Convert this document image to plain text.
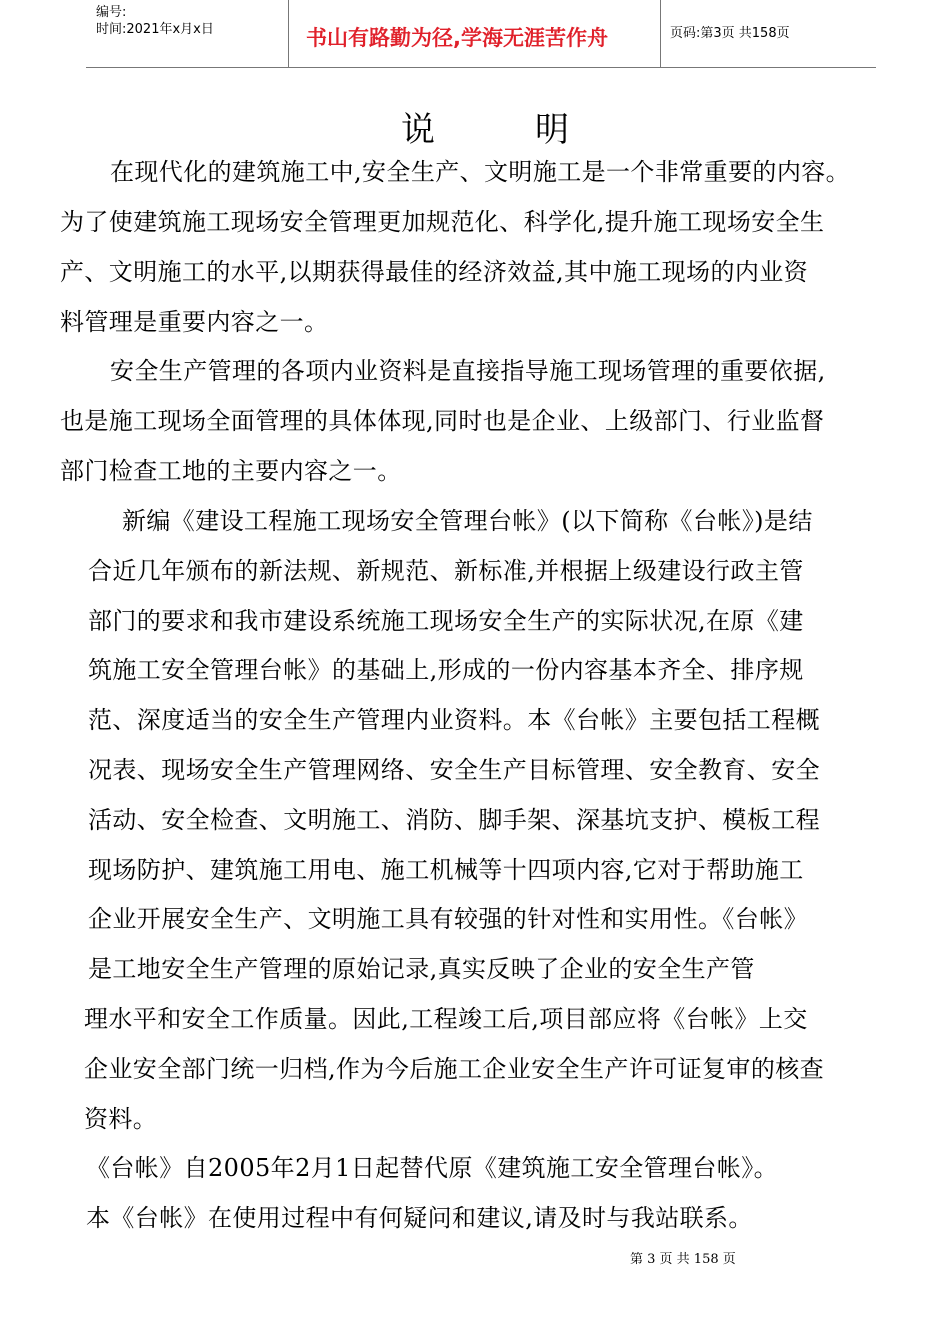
编号:
时间:2021年x月x日	书山有路勤为径,学海无涯苦作舟	页码:第3页 共158页
说明
在现代化的建筑施工中,安全生产、文明施工是一个非常重要的内容。
为了使建筑施工现场安全管理更加规范化、科学化,提升施工现场安全生
产、文明施工的水平,以期获得最佳的经济效益,其中施工现场的内业资
料管理是重要内容之一。
安全生产管理的各项内业资料是直接指导施工现场管理的重要依据,
也是施工现场全面管理的具体体现,同时也是企业、上级部门、行业监督
部门检查工地的主要内容之一。
新编《建设工程施工现场安全管理台帐》(以下简称《台帐》)是结
合近几年颁布的新法规、新规范、新标准,并根据上级建设行政主管
部门的要求和我市建设系统施工现场安全生产的实际状况,在原《建
筑施工安全管理台帐》的基础上,形成的一份内容基本齐全、排序规
范、深度适当的安全生产管理内业资料。本《台帐》主要包括工程概
况表、现场安全生产管理网络、安全生产目标管理、安全教育、安全
活动、安全检查、文明施工、消防、脚手架、深基坑支护、模板工程
现场防护、建筑施工用电、施工机械等十四项内容,它对于帮助施工
企业开展安全生产、文明施工具有较强的针对性和实用性。《台帐》
是工地安全生产管理的原始记录,真实反映了企业的安全生产管
理水平和安全工作质量。因此,工程竣工后,项目部应将《台帐》上交
企业安全部门统一归档,作为今后施工企业安全生产许可证复审的核查
资料。
《台帐》自2005年2月1日起替代原《建筑施工安全管理台帐》。
本《台帐》在使用过程中有何疑问和建议,请及时与我站联系。
第 3 页 共 158 页
